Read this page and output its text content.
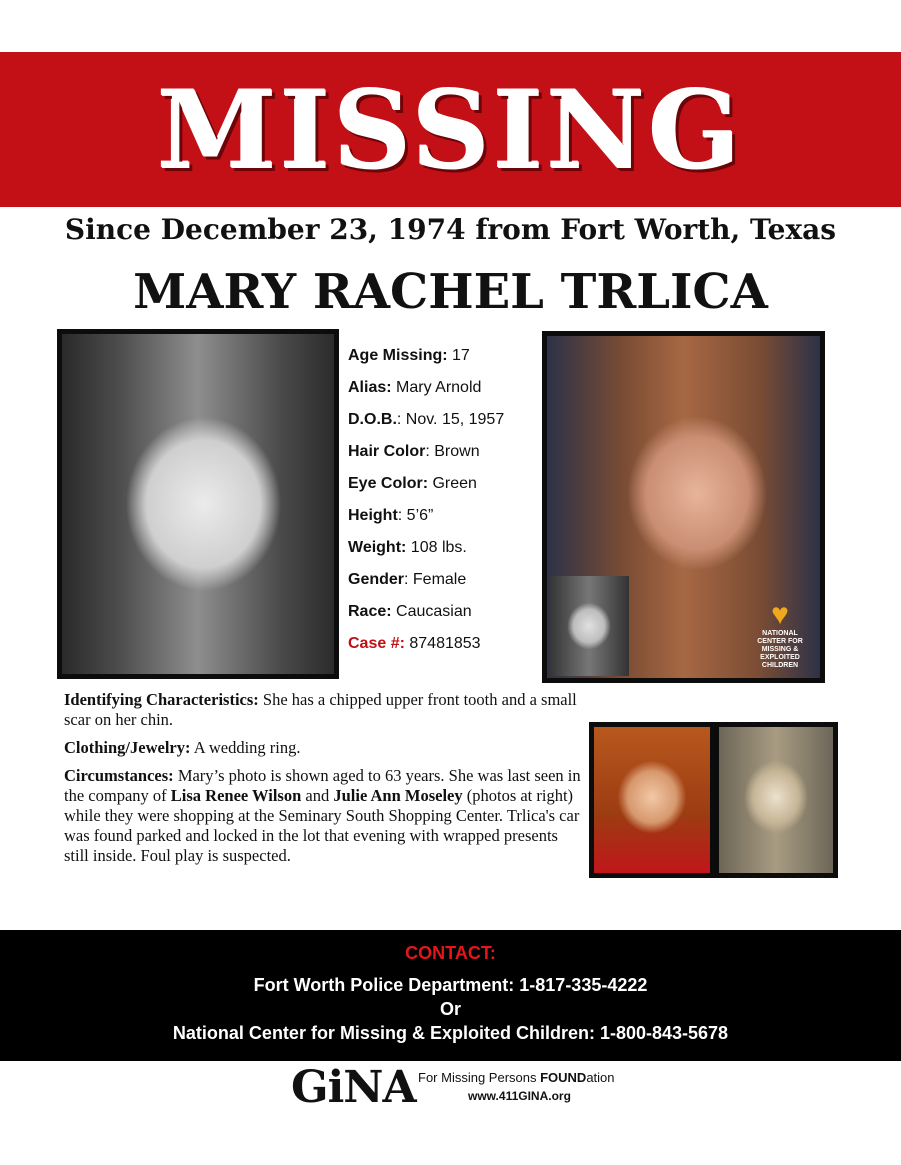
MISSING
Since December 23, 1974 from Fort Worth, Texas
MARY RACHEL TRLICA
Age Missing: 17
Alias: Mary Arnold
D.O.B.: Nov. 15, 1957
Hair Color: Brown
Eye Color: Green
Height: 5’6”
Weight: 108 lbs.
Gender: Female
Race: Caucasian
Case #: 87481853
♥
NATIONAL CENTER FOR
MISSING &
EXPLOITED
CHILDREN

Identifying Characteristics: She has a chipped upper front tooth and a small scar on her chin.

Clothing/Jewelry: A wedding ring.

Circumstances: Mary’s photo is shown aged to 63 years. She was last seen in the company of Lisa Renee Wilson and Julie Ann Moseley (photos at right) while they were shopping at the Seminary South Shopping Center. Trlica's car was found parked and locked in the lot that evening with wrapped presents still inside. Foul play is suspected.

CONTACT:
Fort Worth Police Department: 1-817-335-4222
Or
National Center for Missing & Exploited Children: 1-800-843-5678
GiNA For Missing Persons FOUNDation
www.411GINA.org
